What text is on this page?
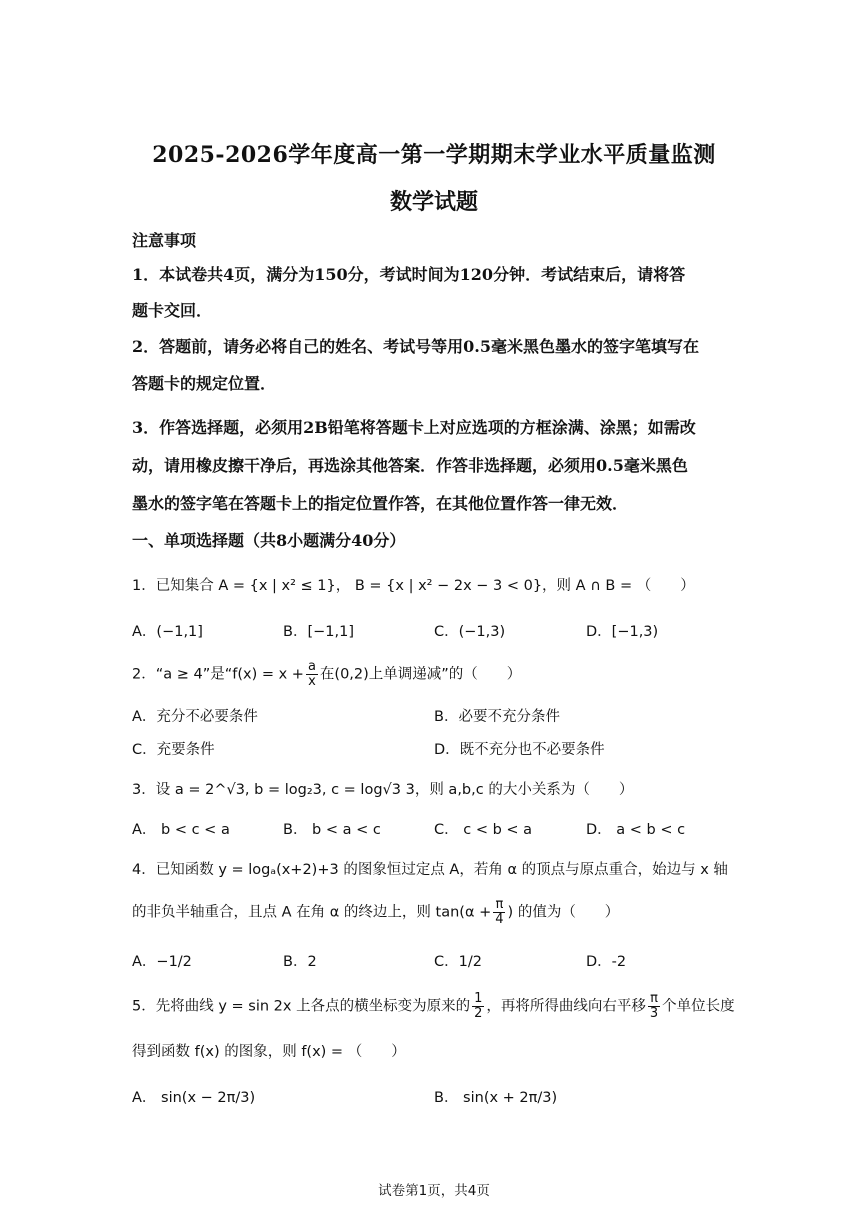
2025-2026学年度高一第一学期期末学业水平质量监测
数学试题
注意事项
1．本试卷共4页，满分为150分，考试时间为120分钟．考试结束后，请将答
题卡交回．
2．答题前，请务必将自己的姓名、考试号等用0.5毫米黑色墨水的签字笔填写在
答题卡的规定位置．
3．作答选择题，必须用2B铅笔将答题卡上对应选项的方框涂满、涂黑；如需改
动，请用橡皮擦干净后，再选涂其他答案．作答非选择题，必须用0.5毫米黑色
墨水的签字笔在答题卡上的指定位置作答，在其他位置作答一律无效．
一、单项选择题（共8小题满分40分）
1．已知集合 A = {x | x² ≤ 1}， B = {x | x² − 2x − 3 < 0}，则 A ∩ B = （　　）
A．(−1,1]	B．[−1,1]	C．(−1,3)	D．[−1,3)
2．“a ≥ 4”是“$f(x) = x + \frac{a}{x}$ 在(0,2)上单调递减”的（　　）
A．充分不必要条件	B．必要不充分条件
C．充要条件	D．既不充分也不必要条件
3．设 a = 2^√3, b = log₂3, c = log√3 3，则 a,b,c 的大小关系为（　　）
A． b < c < a	B． b < a < c	C． c < b < a	D． a < b < c
4．已知函数 y = logₐ(x+2)+3 的图象恒过定点 A，若角 α 的顶点与原点重合，始边与 x 轴
的非负半轴重合，且点 A 在角 α 的终边上，则 $\tan(\alpha + \frac{\pi}{4}$ ) 的值为（　　）
A．−1/2	B．2	C．1/2	D．-2
5．先将曲线 y = sin 2x 上各点的横坐标变为原来的 $\frac{1}{2}$ ，再将所得曲线向右平移 $\frac{\pi}{3}$ 个单位长度
得到函数 f(x) 的图象，则 f(x) = （　　）
A． sin(x − 2π/3)	B． sin(x + 2π/3)
试卷第1页，共4页
